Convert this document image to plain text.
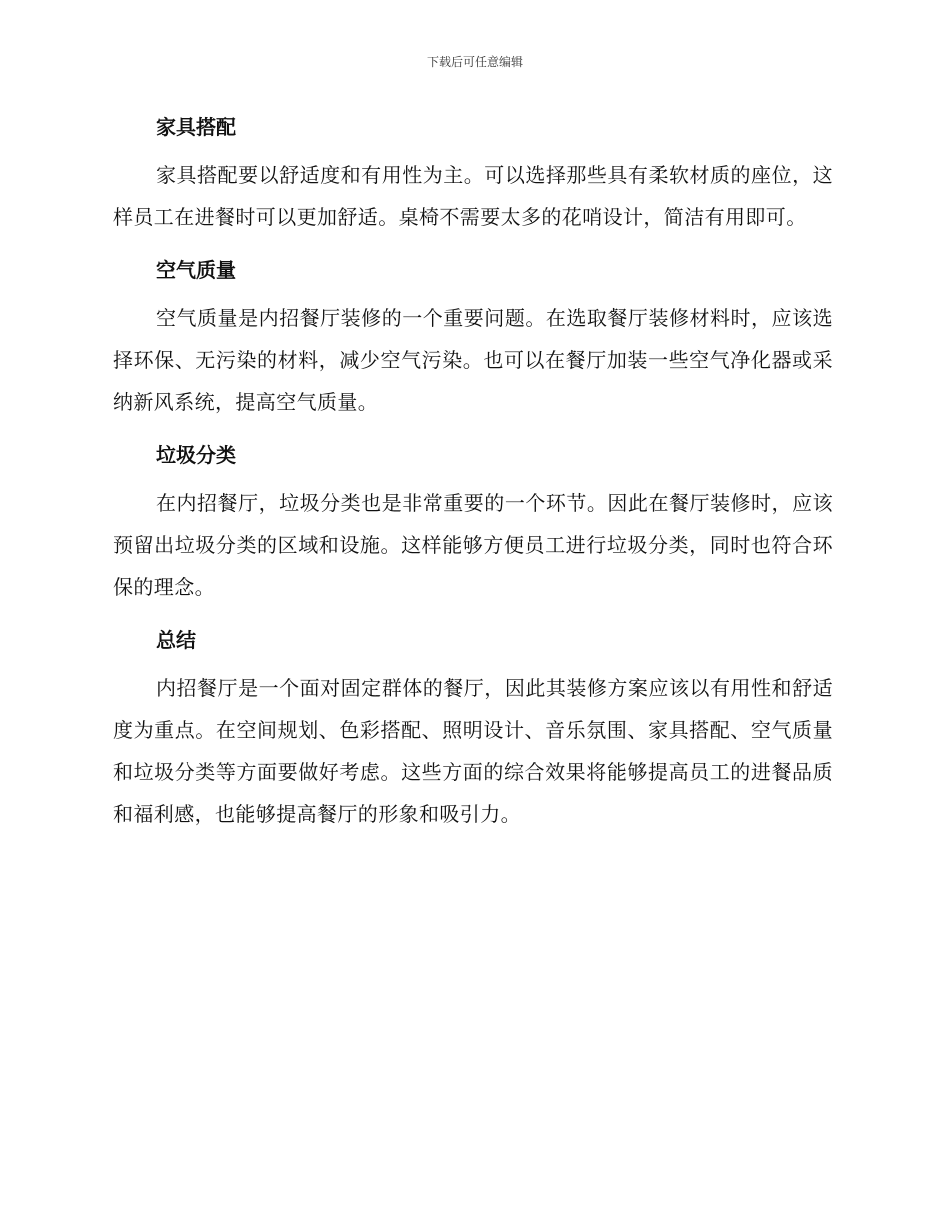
下载后可任意编辑
家具搭配

家具搭配要以舒适度和有用性为主。可以选择那些具有柔软材质的座位，这样员工在进餐时可以更加舒适。桌椅不需要太多的花哨设计，简洁有用即可。

空气质量

空气质量是内招餐厅装修的一个重要问题。在选取餐厅装修材料时，应该选择环保、无污染的材料，减少空气污染。也可以在餐厅加装一些空气净化器或采纳新风系统，提高空气质量。

垃圾分类

在内招餐厅，垃圾分类也是非常重要的一个环节。因此在餐厅装修时，应该预留出垃圾分类的区域和设施。这样能够方便员工进行垃圾分类，同时也符合环保的理念。

总结

内招餐厅是一个面对固定群体的餐厅，因此其装修方案应该以有用性和舒适度为重点。在空间规划、色彩搭配、照明设计、音乐氛围、家具搭配、空气质量和垃圾分类等方面要做好考虑。这些方面的综合效果将能够提高员工的进餐品质和福利感，也能够提高餐厅的形象和吸引力。
